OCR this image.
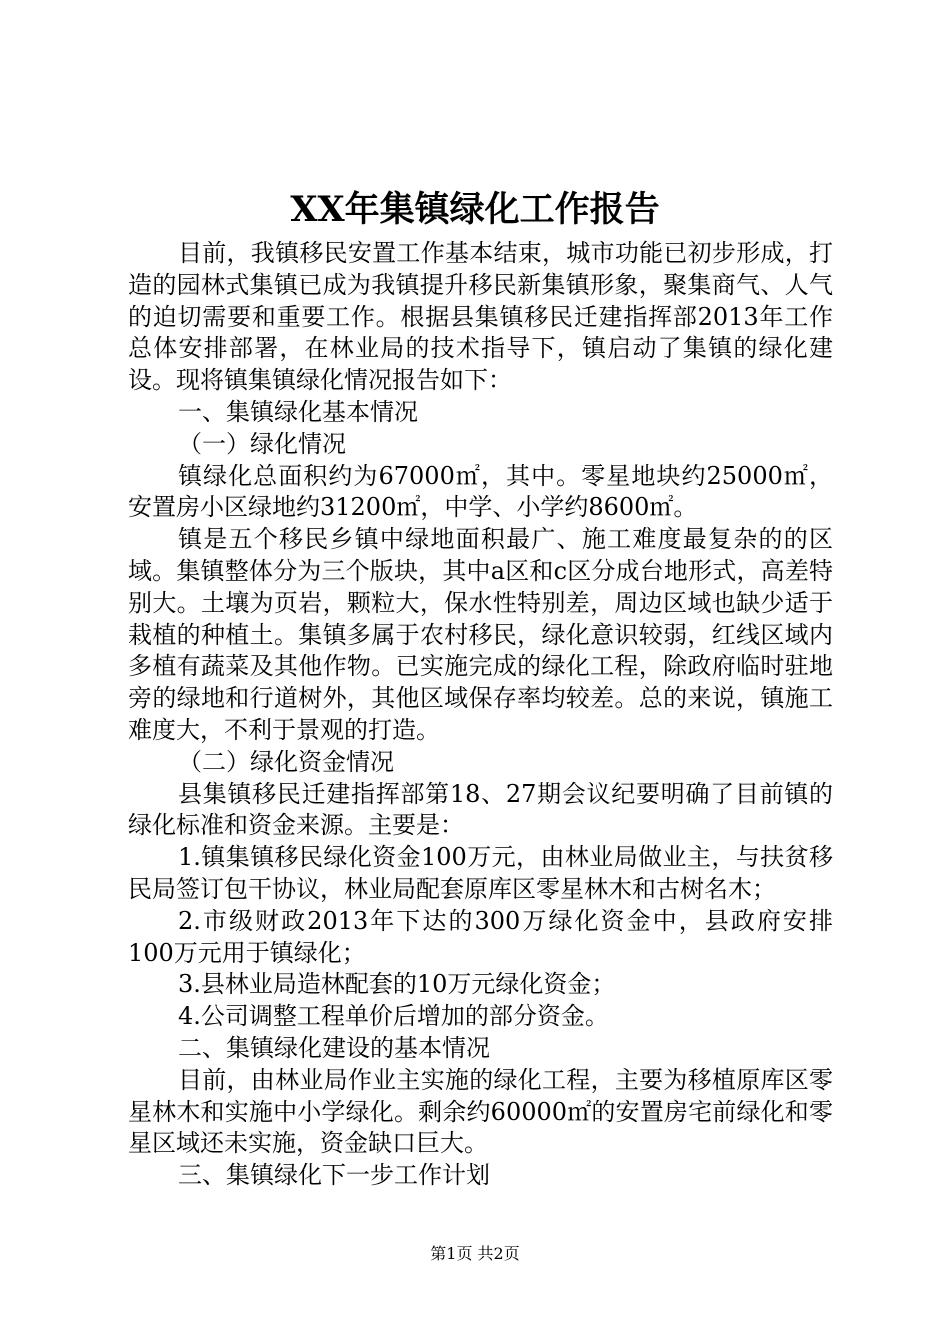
XX年集镇绿化工作报告

目前，我镇移民安置工作基本结束，城市功能已初步形成，打造的园林式集镇已成为我镇提升移民新集镇形象，聚集商气、人气的迫切需要和重要工作。根据县集镇移民迁建指挥部2013年工作总体安排部署，在林业局的技术指导下，镇启动了集镇的绿化建设。现将镇集镇绿化情况报告如下：

一、集镇绿化基本情况

（一）绿化情况

镇绿化总面积约为67000㎡，其中。零星地块约25000㎡，安置房小区绿地约31200㎡，中学、小学约8600㎡。

镇是五个移民乡镇中绿地面积最广、施工难度最复杂的的区域。集镇整体分为三个版块，其中a区和c区分成台地形式，高差特别大。土壤为页岩，颗粒大，保水性特别差，周边区域也缺少适于栽植的种植土。集镇多属于农村移民，绿化意识较弱，红线区域内多植有蔬菜及其他作物。已实施完成的绿化工程，除政府临时驻地旁的绿地和行道树外，其他区域保存率均较差。总的来说，镇施工难度大，不利于景观的打造。

（二）绿化资金情况

县集镇移民迁建指挥部第18、27期会议纪要明确了目前镇的绿化标准和资金来源。主要是：

1.镇集镇移民绿化资金100万元，由林业局做业主，与扶贫移民局签订包干协议，林业局配套原库区零星林木和古树名木；

2.市级财政2013年下达的300万绿化资金中，县政府安排100万元用于镇绿化；

3.县林业局造林配套的10万元绿化资金；

4.公司调整工程单价后增加的部分资金。

二、集镇绿化建设的基本情况

目前，由林业局作业主实施的绿化工程，主要为移植原库区零星林木和实施中小学绿化。剩余约60000㎡的安置房宅前绿化和零星区域还未实施，资金缺口巨大。

三、集镇绿化下一步工作计划

第1页 共2页
